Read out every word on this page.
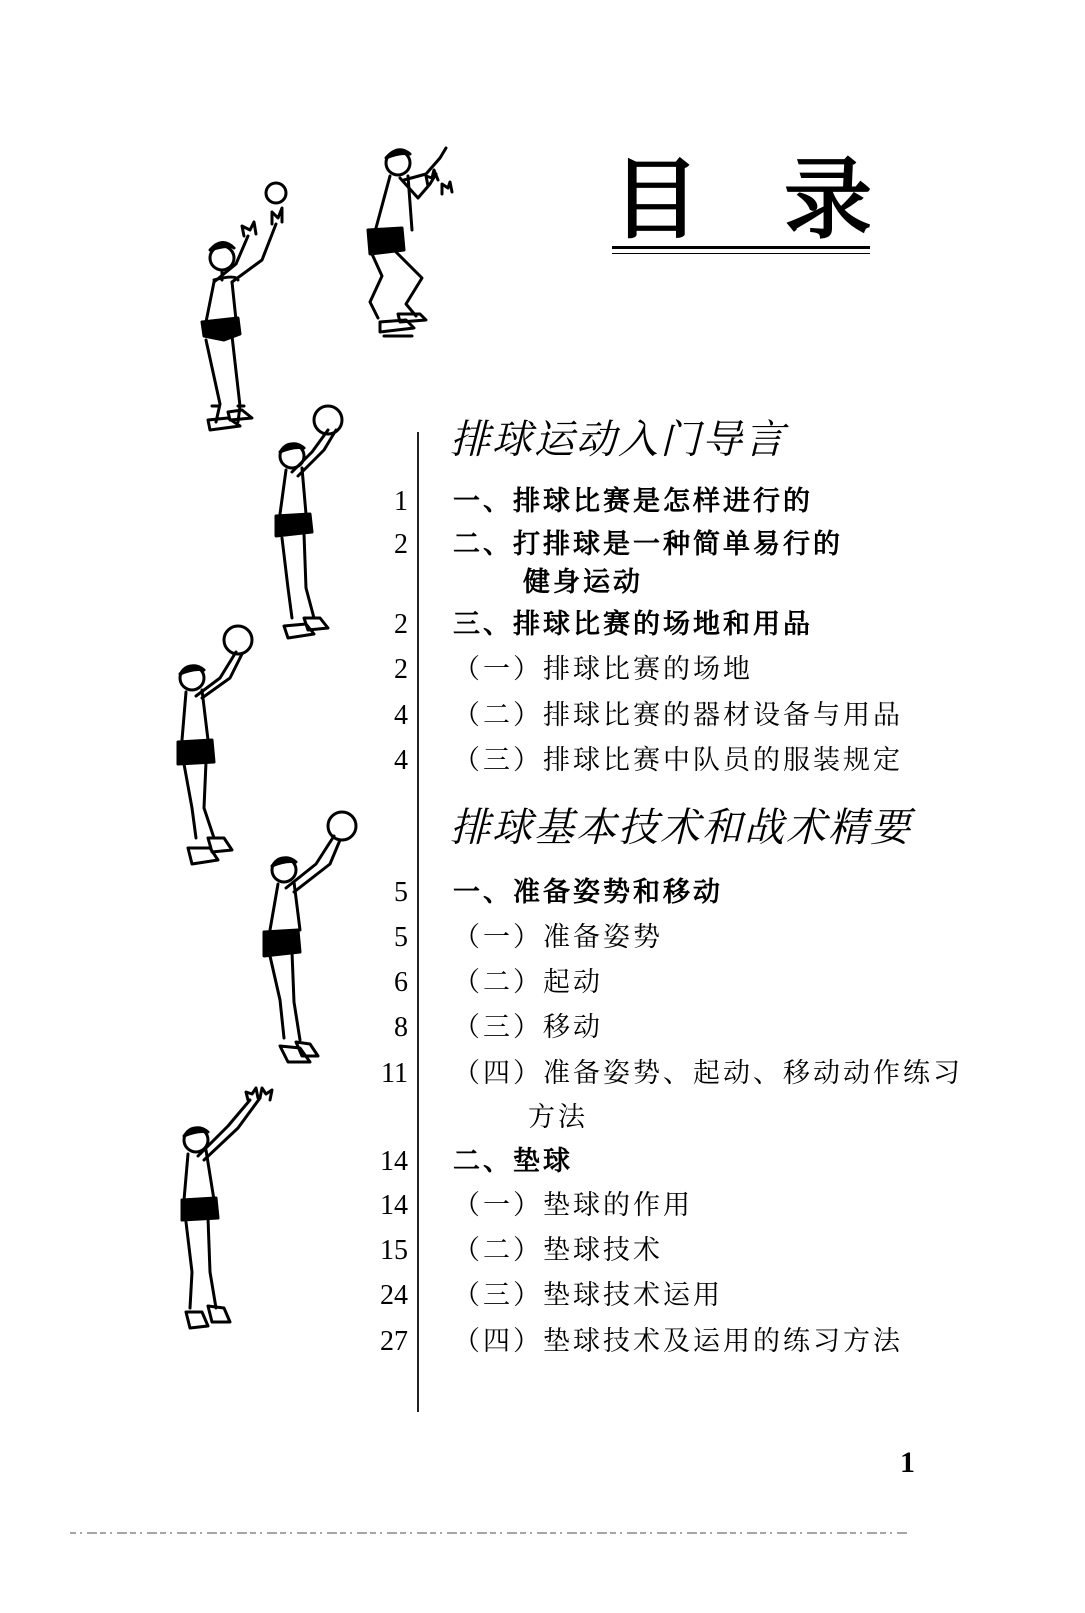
目 录
排球运动入门导言
1 一、排球比赛是怎样进行的
2 二、打排球是一种简单易行的
健身运动
2 三、排球比赛的场地和用品
2 （一）排球比赛的场地
4 （二）排球比赛的器材设备与用品
4 （三）排球比赛中队员的服装规定
排球基本技术和战术精要
5 一、准备姿势和移动
5 （一）准备姿势
6 （二）起动
8 （三）移动
11 （四）准备姿势、起动、移动动作练习
方法
14 二、垫球
14 （一）垫球的作用
15 （二）垫球技术
24 （三）垫球技术运用
27 （四）垫球技术及运用的练习方法
1
